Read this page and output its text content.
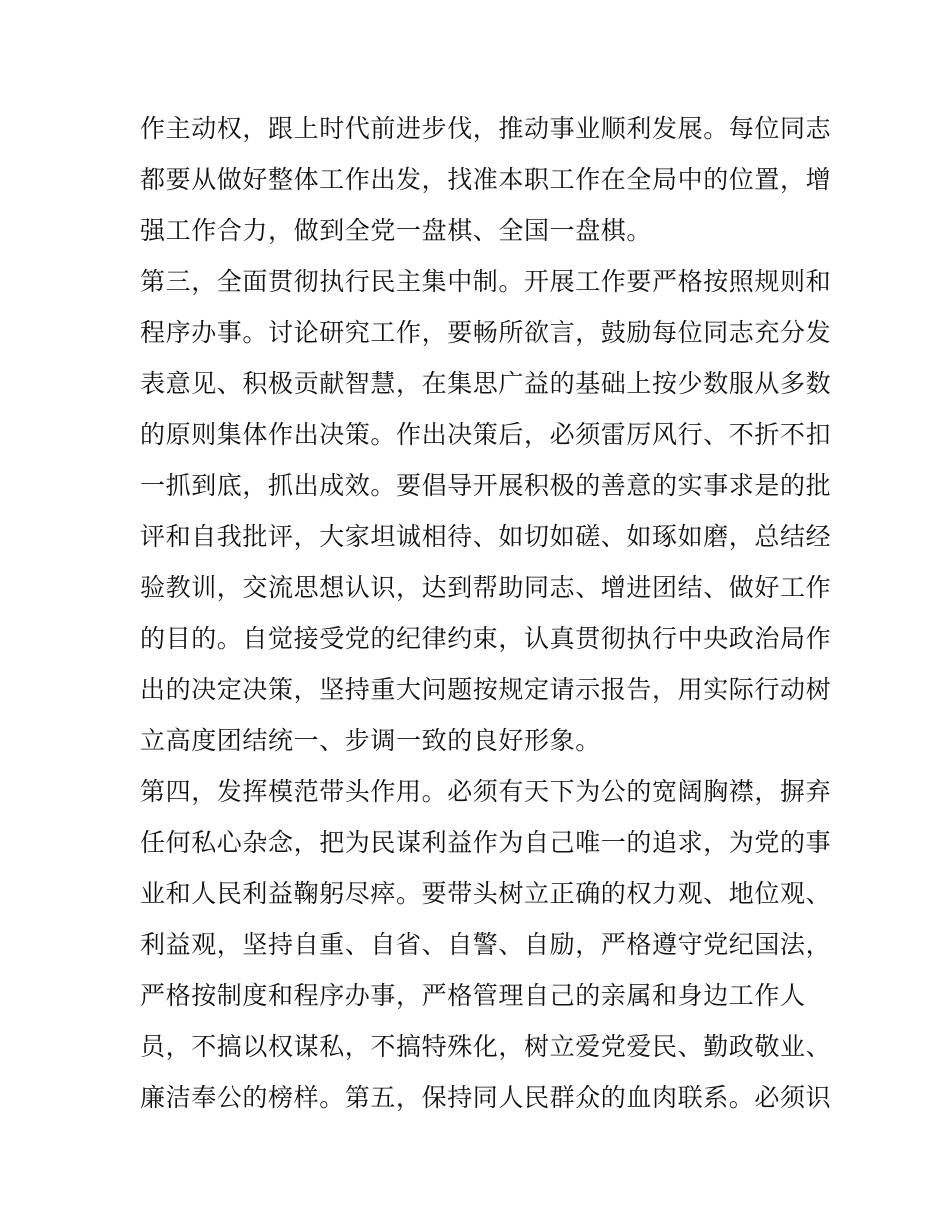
作主动权，跟上时代前进步伐，推动事业顺利发展。每位同志
都要从做好整体工作出发，找准本职工作在全局中的位置，增
强工作合力，做到全党一盘棋、全国一盘棋。
第三，全面贯彻执行民主集中制。开展工作要严格按照规则和
程序办事。讨论研究工作，要畅所欲言，鼓励每位同志充分发
表意见、积极贡献智慧，在集思广益的基础上按少数服从多数
的原则集体作出决策。作出决策后，必须雷厉风行、不折不扣
一抓到底，抓出成效。要倡导开展积极的善意的实事求是的批
评和自我批评，大家坦诚相待、如切如磋、如琢如磨，总结经
验教训，交流思想认识，达到帮助同志、增进团结、做好工作
的目的。自觉接受党的纪律约束，认真贯彻执行中央政治局作
出的决定决策，坚持重大问题按规定请示报告，用实际行动树
立高度团结统一、步调一致的良好形象。
第四，发挥模范带头作用。必须有天下为公的宽阔胸襟，摒弃
任何私心杂念，把为民谋利益作为自己唯一的追求，为党的事
业和人民利益鞠躬尽瘁。要带头树立正确的权力观、地位观、
利益观，坚持自重、自省、自警、自励，严格遵守党纪国法，
严格按制度和程序办事，严格管理自己的亲属和身边工作人
员，不搞以权谋私，不搞特殊化，树立爱党爱民、勤政敬业、
廉洁奉公的榜样。第五，保持同人民群众的血肉联系。必须识
